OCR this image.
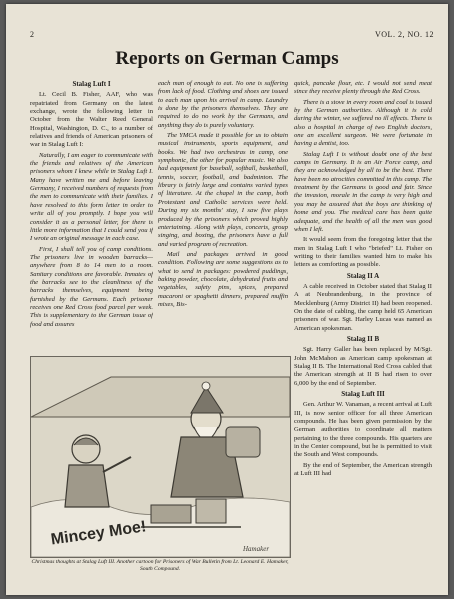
2	VOL. 2, NO. 12
Reports on German Camps
Stalag Luft I

Lt. Cecil B. Fisher, AAF, who was repatriated from Germany on the latest exchange, wrote the following letter in October from the Walter Reed General Hospital, Washington, D. C., to a number of relatives and friends of American prisoners of war in Stalag Luft I:

Naturally, I am eager to communicate with the friends and relatives of the American prisoners whom I knew while in Stalag Luft I. Many have written me and before leaving Germany, I received numbers of requests from the men to communicate with their families. I have resolved to this form letter in order to write all of you promptly. I hope you will consider it as a personal letter, for there is little more information that I could send you if I wrote an original message in each case.

First, I shall tell you of camp conditions. The prisoners live in wooden barracks—anywhere from 8 to 14 men to a room. Sanitary conditions are favorable. Inmates of the barracks see to the cleanliness of the barracks themselves, equipment being furnished by the Germans. Each prisoner receives one Red Cross food parcel per week. This is supplementary to the German issue of food and assures

each man of enough to eat. No one is suffering from lack of food. Clothing and shoes are issued to each man upon his arrival in camp. Laundry is done by the prisoners themselves. They are required to do no work by the Germans, and anything they do is purely voluntary.

The YMCA made it possible for us to obtain musical instruments, sports equipment, and books. We had two orchestras in camp, one symphonic, the other for popular music. We also had equipment for baseball, softball, basketball, tennis, soccer, football, and badminton. The library is fairly large and contains varied types of literature. At the chapel in the camp, both Protestant and Catholic services were held. During my six months' stay, I saw five plays produced by the prisoners which proved highly entertaining. Along with plays, concerts, group singing, and boxing, the prisoners have a full and varied program of recreation.

Mail and packages arrived in good condition. Following are some suggestions as to what to send in packages: powdered puddings, baking powder, chocolate, dehydrated fruits and vegetables, safety pins, spices, prepared macaroni or spaghetti dinners, prepared muffin mixes, Bis-

quick, pancake flour, etc. I would not send meat since they receive plenty through the Red Cross.

There is a stove in every room and coal is issued by the German authorities. Although it is cold during the winter, we suffered no ill effects. There is also a hospital in charge of two English doctors, one an excellent surgeon. We were fortunate in having a dentist, too.

Stalag Luft I is without doubt one of the best camps in Germany. It is an Air Force camp, and they are acknowledged by all to be the best. There have been no atrocities committed in this camp. The treatment by the Germans is good and fair. Since the invasion, morale in the camp is very high and you may be assured that the boys are thinking of home and you. The medical care has been quite adequate, and the health of all the men was good when I left.

It would seem from the foregoing letter that the men in Stalag Luft I who "briefed" Lt. Fisher on writing to their families wanted him to make his letters as comforting as possible.

Stalag II A

A cable received in October stated that Stalag II A at Neubrandenburg, in the province of Mecklenburg (Army District II) had been reopened. On the date of cabling, the camp held 65 American prisoners of war. Sgt. Harley Lucas was named as American spokesman.

Stalag II B

Sgt. Harry Galler has been replaced by M/Sgt. John McMahon as American camp spokesman at Stalag II B. The International Red Cross cabled that the American strength at II B had risen to over 6,000 by the end of September.

Stalag Luft III

Gen. Arthur W. Vanaman, a recent arrival at Luft III, is now senior officer for all three American compounds. He has been given permission by the German authorities to coordinate all matters pertaining to the three compounds. His quarters are in the Center compound, but he is permitted to visit the South and West compounds.

By the end of September, the American strength at Luft III had

Mincey Moe!
Hamaker
Christmas thoughts at Stalag Luft III. Another cartoon for Prisoners of War Bulletin from Lt. Leonard E. Hamaker, South Compound.
